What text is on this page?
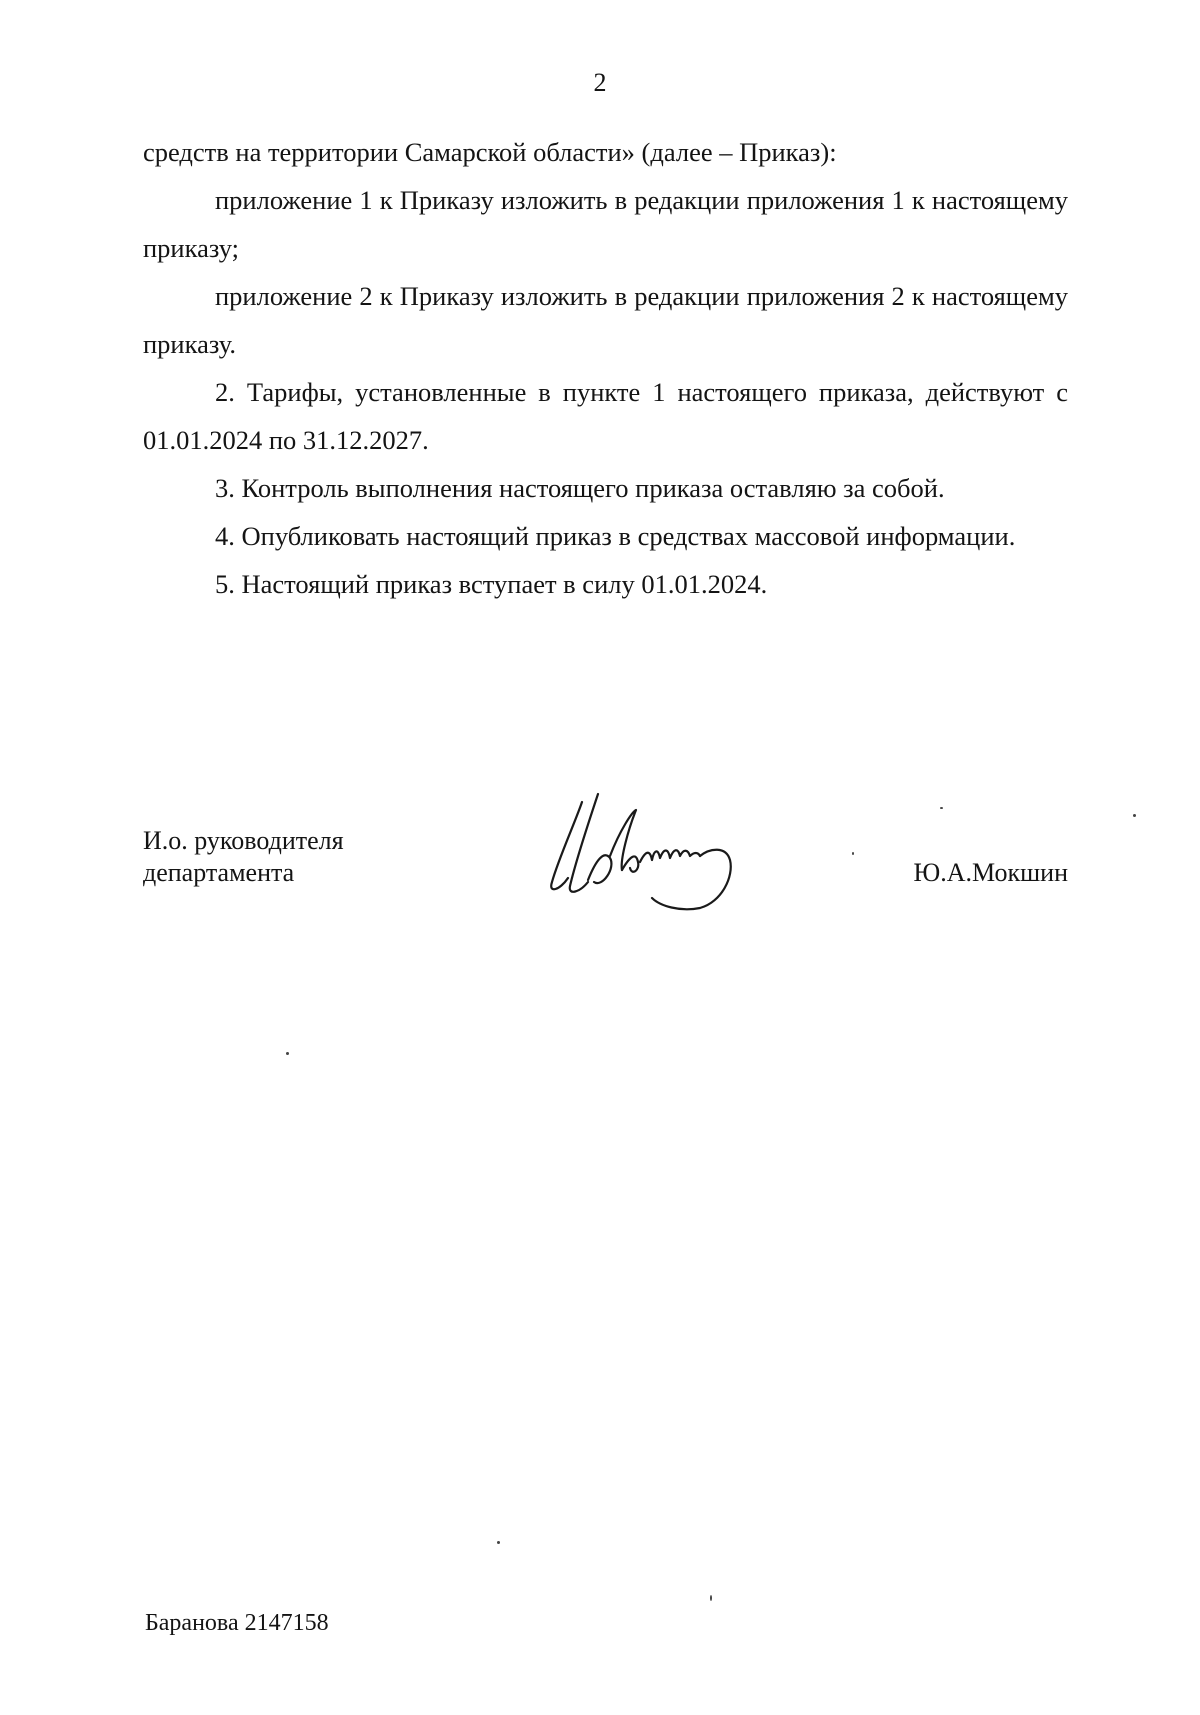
2

средств на территории Самарской области» (далее – Приказ):

приложение 1 к Приказу изложить в редакции приложения 1 к настоящему приказу;

приложение 2 к Приказу изложить в редакции приложения 2 к настоящему приказу.

2. Тарифы, установленные в пункте 1 настоящего приказа, действуют с 01.01.2024 по 31.12.2027.

3. Контроль выполнения настоящего приказа оставляю за собой.

4. Опубликовать настоящий приказ в средствах массовой информации.

5. Настоящий приказ вступает в силу 01.01.2024.

И.о. руководителя
департамента	Ю.А.Мокшин
Баранова 2147158
